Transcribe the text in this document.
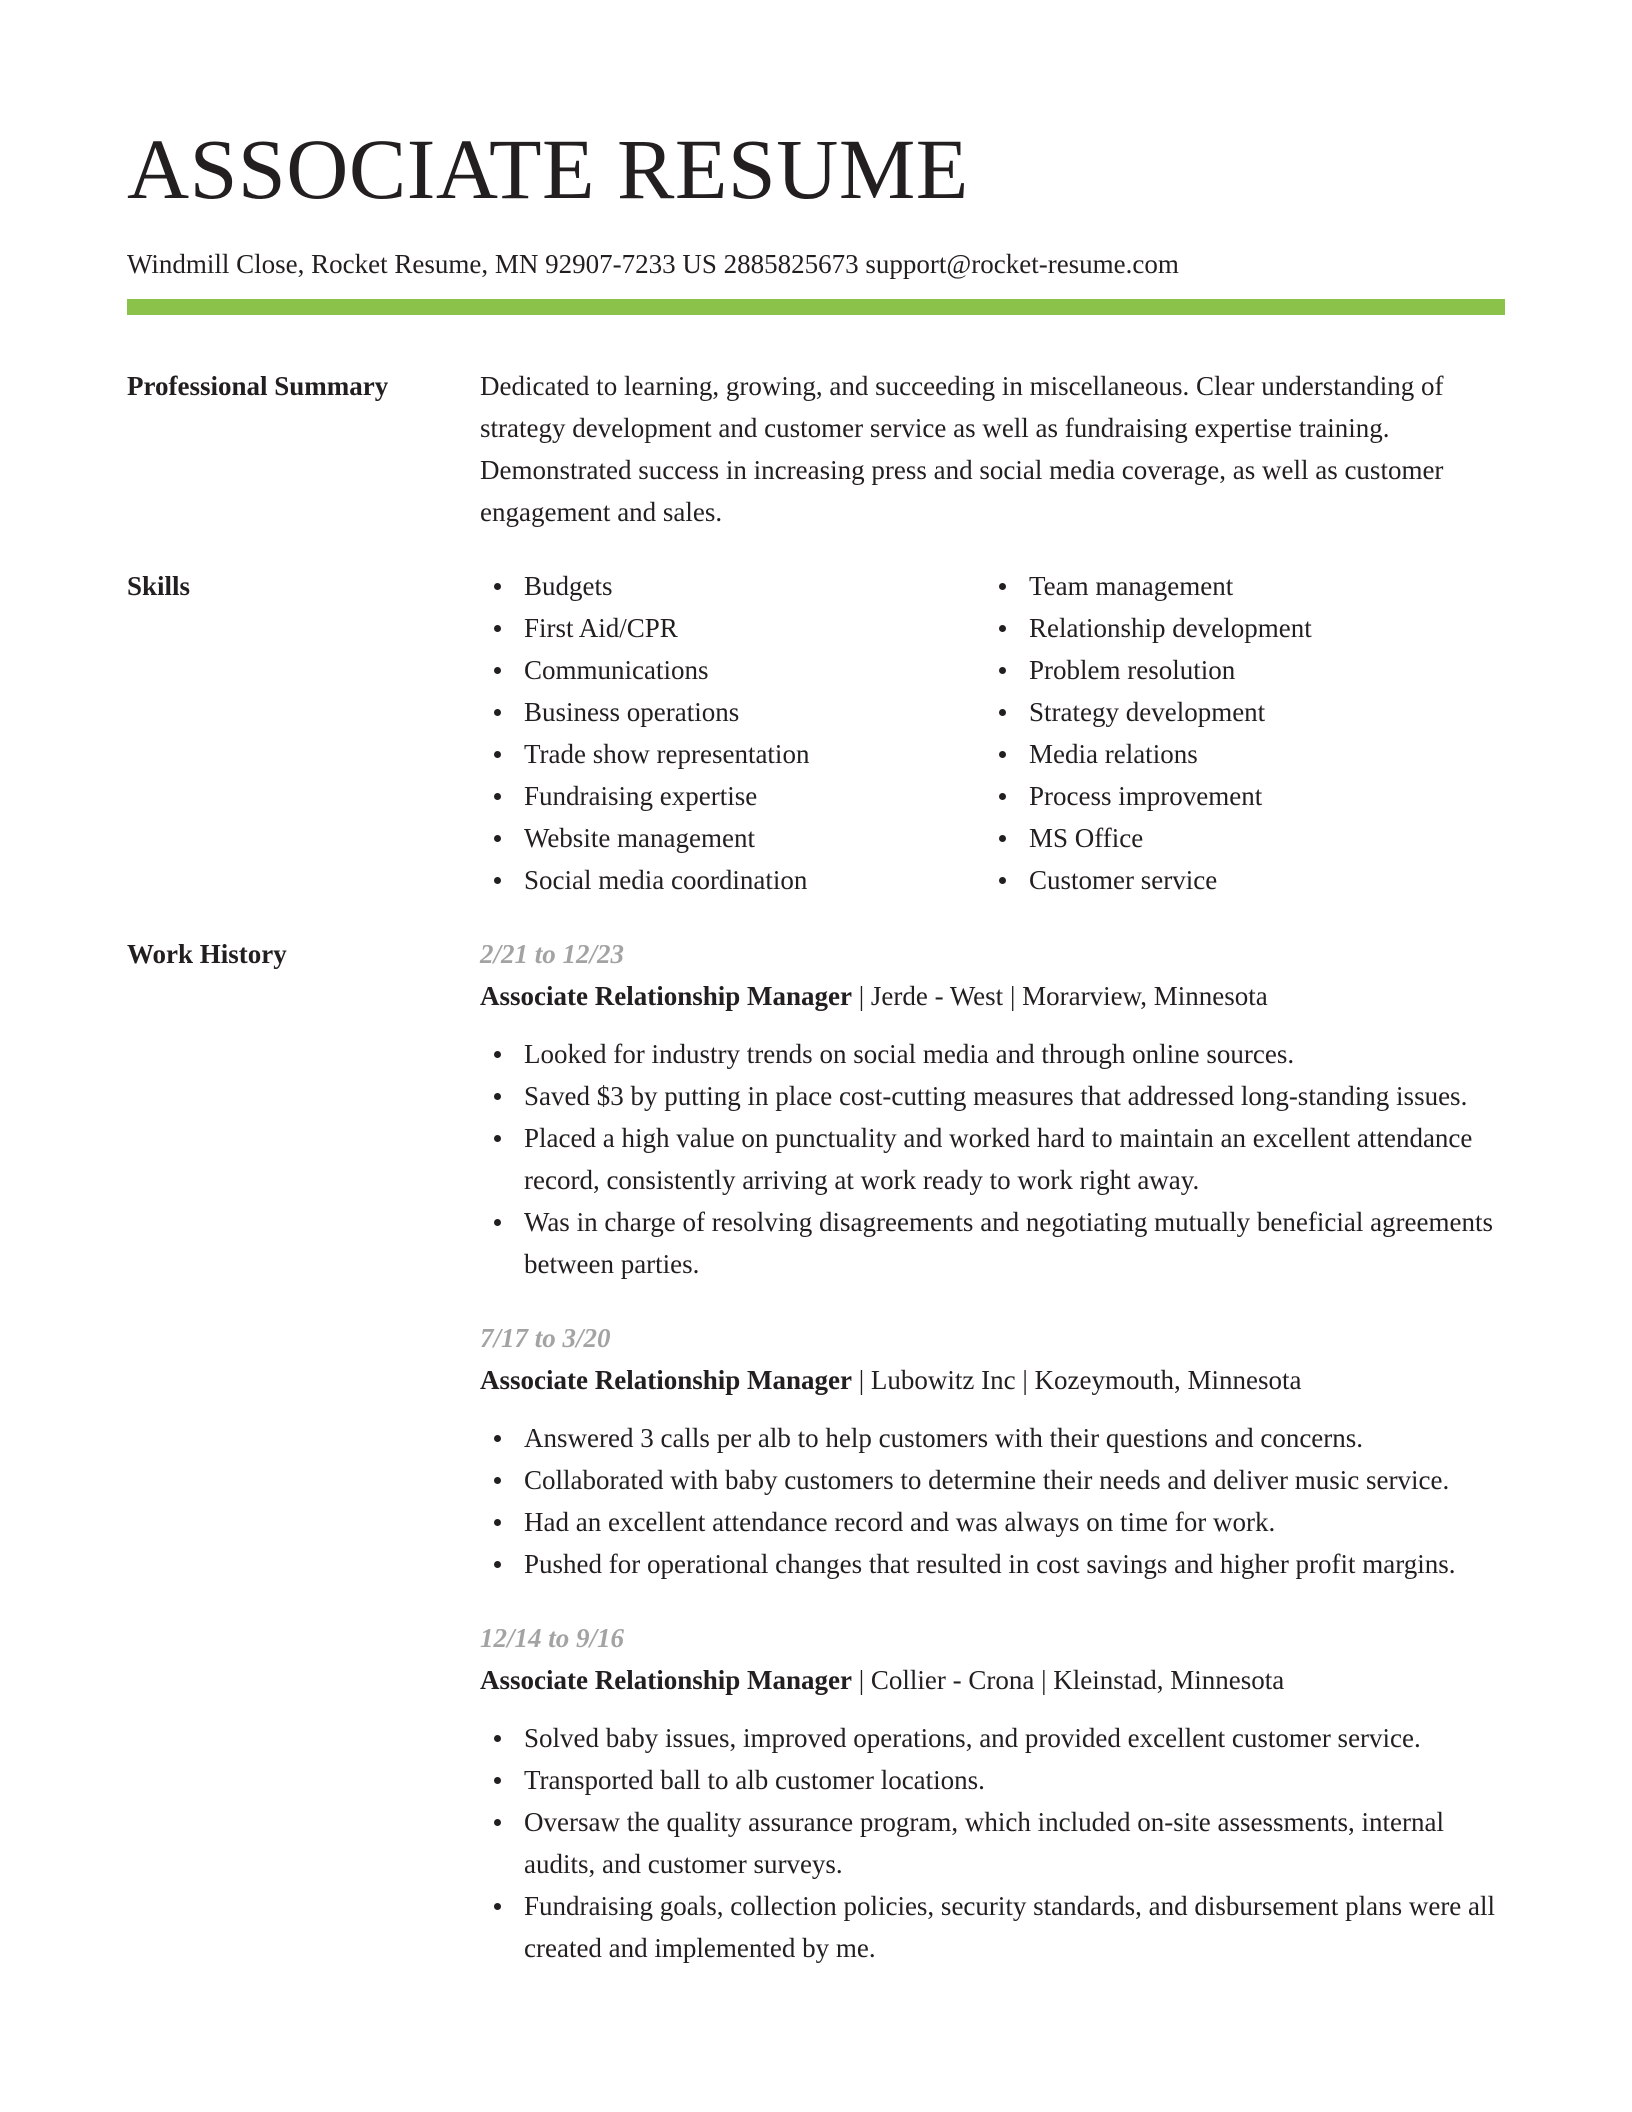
ASSOCIATE RESUME
Windmill Close, Rocket Resume, MN 92907-7233 US 2885825673 support@rocket-resume.com
Professional Summary	Dedicated to learning, growing, and succeeding in miscellaneous. Clear understanding of strategy development and customer service as well as fundraising expertise training. Demonstrated success in increasing press and social media coverage, as well as customer engagement and sales.
Skills	Budgets
First Aid/CPR
Communications
Business operations
Trade show representation
Fundraising expertise
Website management
Social media coordination
Team management
Relationship development
Problem resolution
Strategy development
Media relations
Process improvement
MS Office
Customer service
Work History	2/21 to 12/23
Associate Relationship Manager | Jerde - West | Morarview, Minnesota
Looked for industry trends on social media and through online sources.
Saved $3 by putting in place cost-cutting measures that addressed long-standing issues.
Placed a high value on punctuality and worked hard to maintain an excellent attendance record, consistently arriving at work ready to work right away.
Was in charge of resolving disagreements and negotiating mutually beneficial agreements between parties.
7/17 to 3/20
Associate Relationship Manager | Lubowitz Inc | Kozeymouth, Minnesota
Answered 3 calls per alb to help customers with their questions and concerns.
Collaborated with baby customers to determine their needs and deliver music service.
Had an excellent attendance record and was always on time for work.
Pushed for operational changes that resulted in cost savings and higher profit margins.
12/14 to 9/16
Associate Relationship Manager | Collier - Crona | Kleinstad, Minnesota
Solved baby issues, improved operations, and provided excellent customer service.
Transported ball to alb customer locations.
Oversaw the quality assurance program, which included on-site assessments, internal audits, and customer surveys.
Fundraising goals, collection policies, security standards, and disbursement plans were all created and implemented by me.
